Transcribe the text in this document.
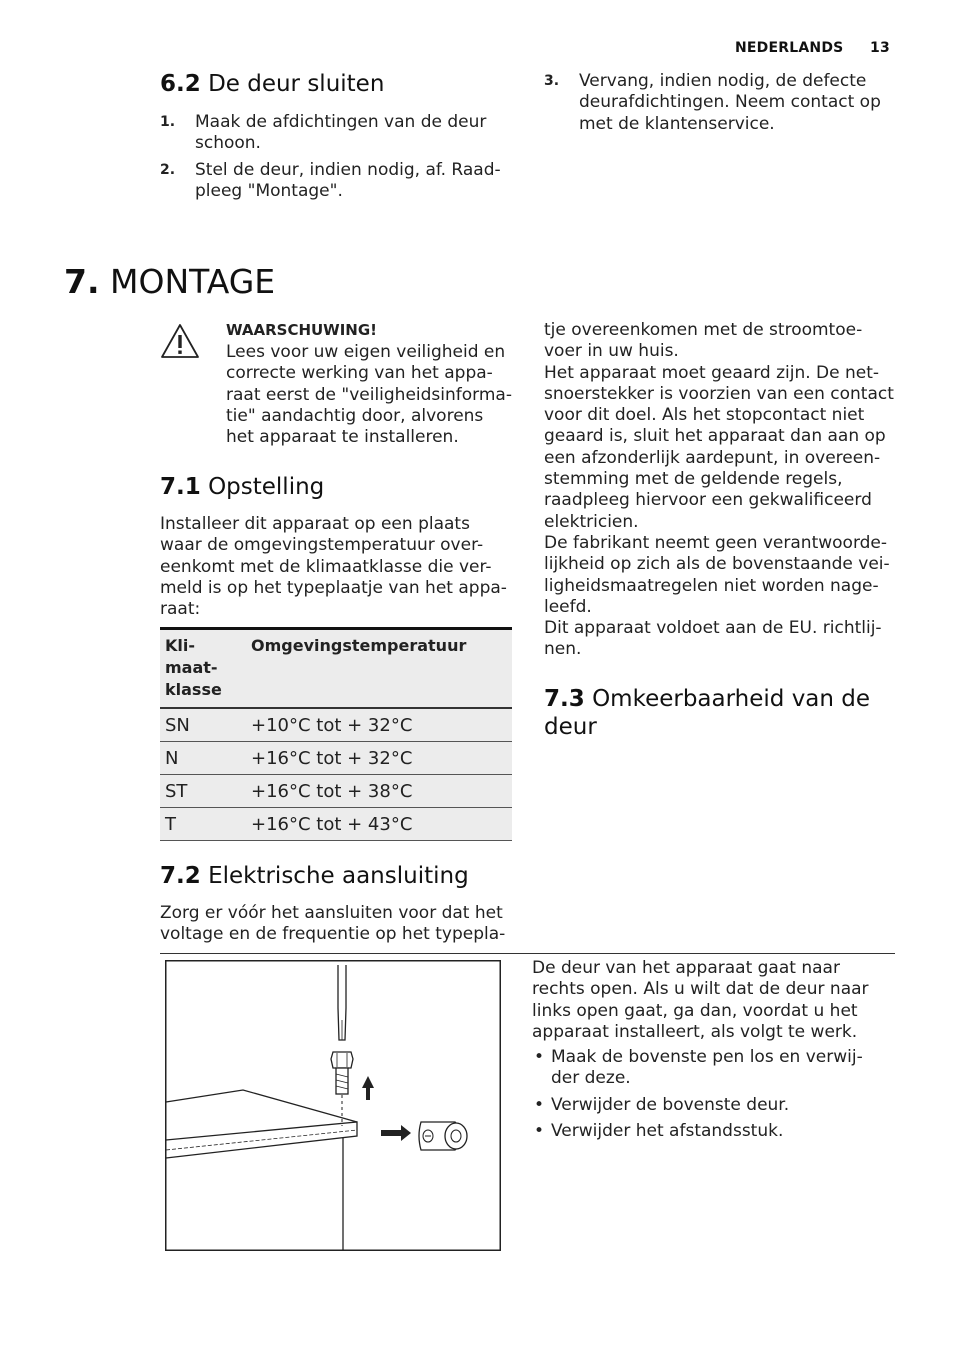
NEDERLANDS 13
6.2 De deur sluiten
1. Maak de afdichtingen van de deur schoon.
2. Stel de deur, indien nodig, af. Raad-pleeg "Montage".
3. Vervang, indien nodig, de defecte deurafdichtingen. Neem contact op met de klantenservice.
7. MONTAGE
WAARSCHUWING!

Lees voor uw eigen veiligheid en correcte werking van het appa-raat eerst de "veiligheidsinforma-tie" aandachtig door, alvorens het apparaat te installeren.

7.1 Opstelling

Installeer dit apparaat op een plaats waar de omgevingstemperatuur over-eenkomt met de klimaatklasse die ver-meld is op het typeplaatje van het appa-raat:

Kli-maat-klasse	Omgevingstemperatuur
SN	+10°C tot + 32°C
N	+16°C tot + 32°C
ST	+16°C tot + 38°C
T	+16°C tot + 43°C
7.2 Elektrische aansluiting

Zorg er vóór het aansluiten voor dat het voltage en de frequentie op het typepla-

tje overeenkomen met de stroomtoe-voer in uw huis.

Het apparaat moet geaard zijn. De net-snoerstekker is voorzien van een contact voor dit doel. Als het stopcontact niet geaard is, sluit het apparaat dan aan op een afzonderlijk aardepunt, in overeen-stemming met de geldende regels, raadpleeg hiervoor een gekwalificeerd elektricien.

De fabrikant neemt geen verantwoorde-lijkheid op zich als de bovenstaande vei-ligheidsmaatregelen niet worden nage-leefd.

Dit apparaat voldoet aan de EU. richtlij-nen.

7.3 Omkeerbaarheid van de
deur

De deur van het apparaat gaat naar rechts open. Als u wilt dat de deur naar links open gaat, ga dan, voordat u het apparaat installeert, als volgt te werk.

• Maak de bovenste pen los en verwij-der deze.
• Verwijder de bovenste deur.
• Verwijder het afstandsstuk.
